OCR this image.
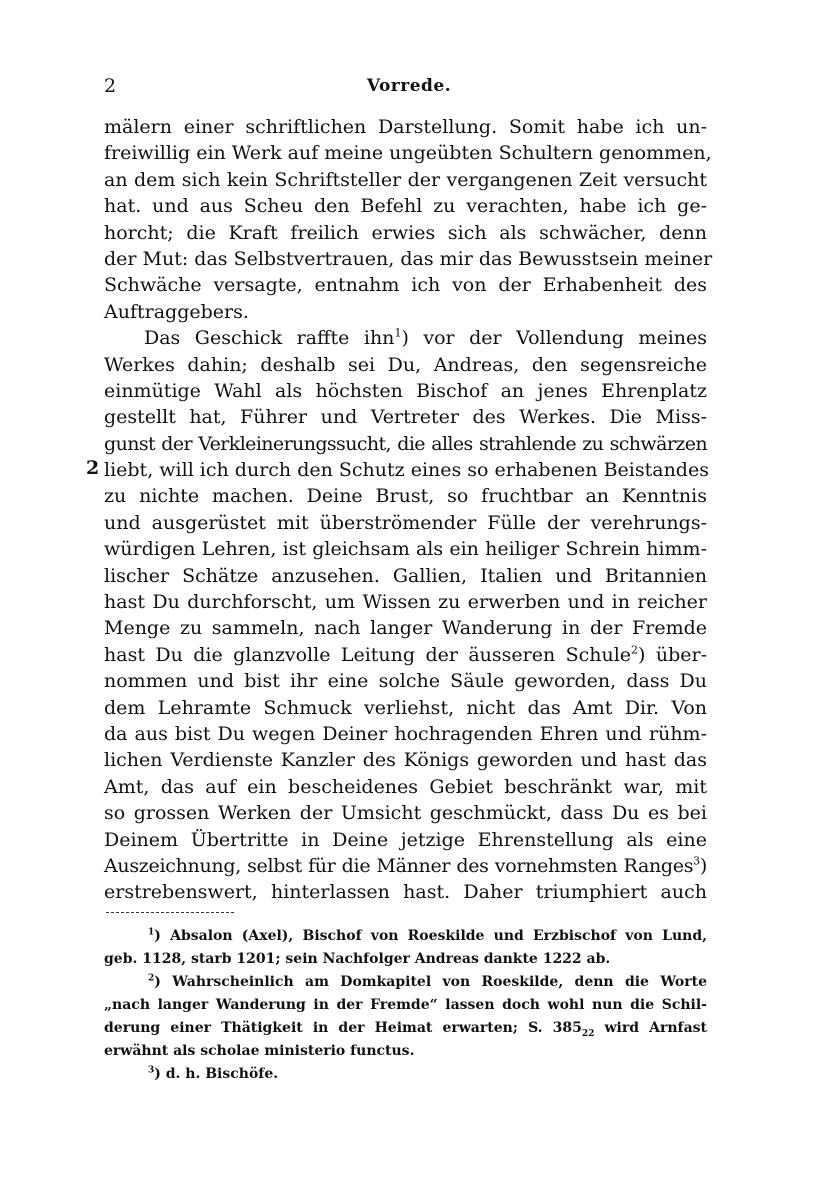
2	Vorrede.
2
mälern einer schriftlichen Darstellung. Somit habe ich un-
freiwillig ein Werk auf meine ungeübten Schultern genommen,
an dem sich kein Schriftsteller der vergangenen Zeit versucht
hat. und aus Scheu den Befehl zu verachten, habe ich ge-
horcht; die Kraft freilich erwies sich als schwächer, denn
der Mut: das Selbstvertrauen, das mir das Bewusstsein meiner
Schwäche versagte, entnahm ich von der Erhabenheit des
Auftraggebers.
Das Geschick raffte ihn$^1$) vor der Vollendung meines
Werkes dahin; deshalb sei Du, Andreas, den segensreiche
einmütige Wahl als höchsten Bischof an jenes Ehrenplatz
gestellt hat, Führer und Vertreter des Werkes. Die Miss-
gunst der Verkleinerungssucht, die alles strahlende zu schwärzen
liebt, will ich durch den Schutz eines so erhabenen Beistandes
zu nichte machen. Deine Brust, so fruchtbar an Kenntnis
und ausgerüstet mit überströmender Fülle der verehrungs-
würdigen Lehren, ist gleichsam als ein heiliger Schrein himm-
lischer Schätze anzusehen. Gallien, Italien und Britannien
hast Du durchforscht, um Wissen zu erwerben und in reicher
Menge zu sammeln, nach langer Wanderung in der Fremde
hast Du die glanzvolle Leitung der äusseren Schule$^2$) über-
nommen und bist ihr eine solche Säule geworden, dass Du
dem Lehramte Schmuck verliehst, nicht das Amt Dir. Von
da aus bist Du wegen Deiner hochragenden Ehren und rühm-
lichen Verdienste Kanzler des Königs geworden und hast das
Amt, das auf ein bescheidenes Gebiet beschränkt war, mit
so grossen Werken der Umsicht geschmückt, dass Du es bei
Deinem Übertritte in Deine jetzige Ehrenstellung als eine
Auszeichnung, selbst für die Männer des vornehmsten Ranges$^3$)
erstrebenswert, hinterlassen hast. Daher triumphiert auch
$^1$) Absalon (Axel), Bischof von Roeskilde und Erzbischof von Lund,
geb. 1128, starb 1201; sein Nachfolger Andreas dankte 1222 ab.
$^2$) Wahrscheinlich am Domkapitel von Roeskilde, denn die Worte
„nach langer Wanderung in der Fremde“ lassen doch wohl nun die Schil-
derung einer Thätigkeit in der Heimat erwarten; S. $385_{22}$ wird Arnfast
erwähnt als scholae ministerio functus.
$^3$) d. h. Bischöfe.
